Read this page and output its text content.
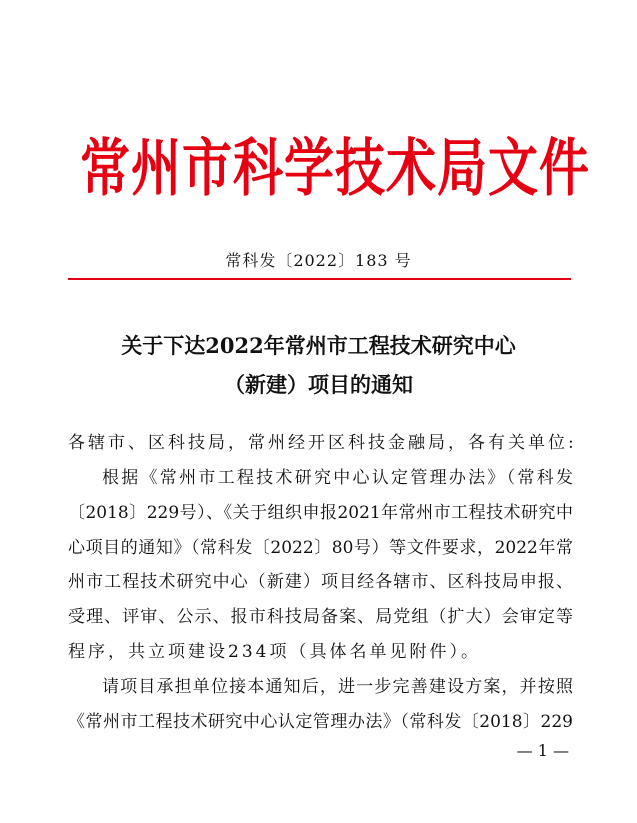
常州市科学技术局文件
常科发〔2022〕183 号
关于下达2022年常州市工程技术研究中心
（新建）项目的通知
各辖市、区科技局，常州经开区科技金融局，各有关单位:
根据《常州市工程技术研究中心认定管理办法》（常科发
〔2018〕229号）、《关于组织申报2021年常州市工程技术研究中
心项目的通知》（常科发〔2022〕80号）等文件要求，2022年常
州市工程技术研究中心（新建）项目经各辖市、区科技局申报、
受理、评审、公示、报市科技局备案、局党组（扩大）会审定等
程序，共立项建设234项（具体名单见附件）。
请项目承担单位接本通知后，进一步完善建设方案，并按照
《常州市工程技术研究中心认定管理办法》（常科发〔2018〕229
— 1 —
